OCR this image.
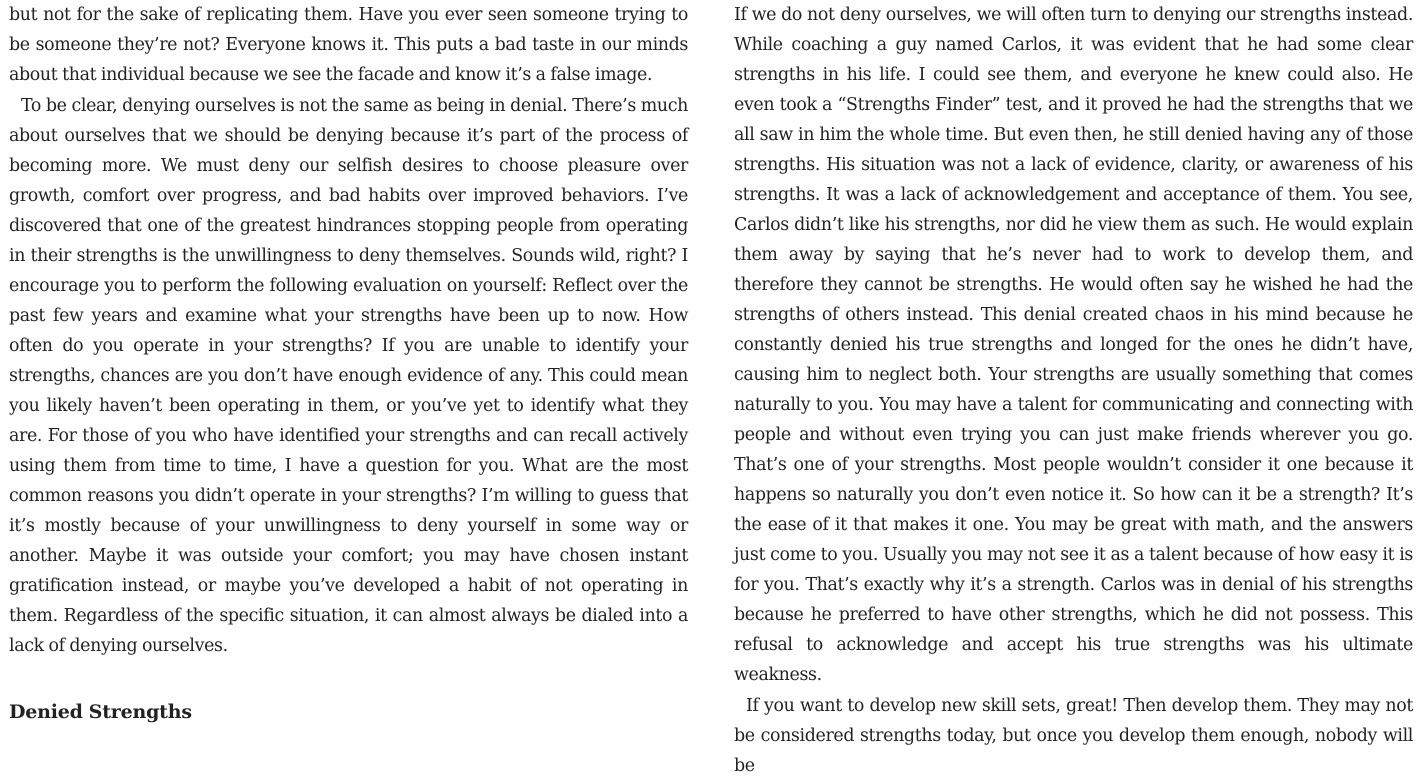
but not for the sake of replicating them. Have you ever seen someone trying to be someone they’re not? Everyone knows it. This puts a bad taste in our minds about that individual because we see the facade and know it’s a false image.

To be clear, denying ourselves is not the same as being in denial. There’s much about ourselves that we should be denying because it’s part of the process of becoming more. We must deny our selfish desires to choose pleasure over growth, comfort over progress, and bad habits over improved behaviors. I’ve discovered that one of the greatest hindrances stopping people from operating in their strengths is the unwillingness to deny themselves. Sounds wild, right? I encourage you to perform the following evaluation on yourself: Reflect over the past few years and examine what your strengths have been up to now. How often do you operate in your strengths? If you are unable to identify your strengths, chances are you don’t have enough evidence of any. This could mean you likely haven’t been operating in them, or you’ve yet to identify what they are. For those of you who have identified your strengths and can recall actively using them from time to time, I have a question for you. What are the most common reasons you didn’t operate in your strengths? I’m willing to guess that it’s mostly because of your unwillingness to deny yourself in some way or another. Maybe it was outside your comfort; you may have chosen instant gratification instead, or maybe you’ve developed a habit of not operating in them. Regardless of the specific situation, it can almost always be dialed into a lack of denying ourselves.

Denied Strengths

If we do not deny ourselves, we will often turn to denying our strengths instead. While coaching a guy named Carlos, it was evident that he had some clear strengths in his life. I could see them, and everyone he knew could also. He even took a “Strengths Finder” test, and it proved he had the strengths that we all saw in him the whole time. But even then, he still denied having any of those strengths. His situation was not a lack of evidence, clarity, or awareness of his strengths. It was a lack of acknowledgement and acceptance of them. You see, Carlos didn’t like his strengths, nor did he view them as such. He would explain them away by saying that he’s never had to work to develop them, and therefore they cannot be strengths. He would often say he wished he had the strengths of others instead. This denial created chaos in his mind because he constantly denied his true strengths and longed for the ones he didn’t have, causing him to neglect both. Your strengths are usually something that comes naturally to you. You may have a talent for communicating and connecting with people and without even trying you can just make friends wherever you go. That’s one of your strengths. Most people wouldn’t consider it one because it happens so naturally you don’t even notice it. So how can it be a strength? It’s the ease of it that makes it one. You may be great with math, and the answers just come to you. Usually you may not see it as a talent because of how easy it is for you. That’s exactly why it’s a strength. Carlos was in denial of his strengths because he preferred to have other strengths, which he did not possess. This refusal to acknowledge and accept his true strengths was his ultimate weakness.

If you want to develop new skill sets, great! Then develop them. They may not be considered strengths today, but once you develop them enough, nobody will be
